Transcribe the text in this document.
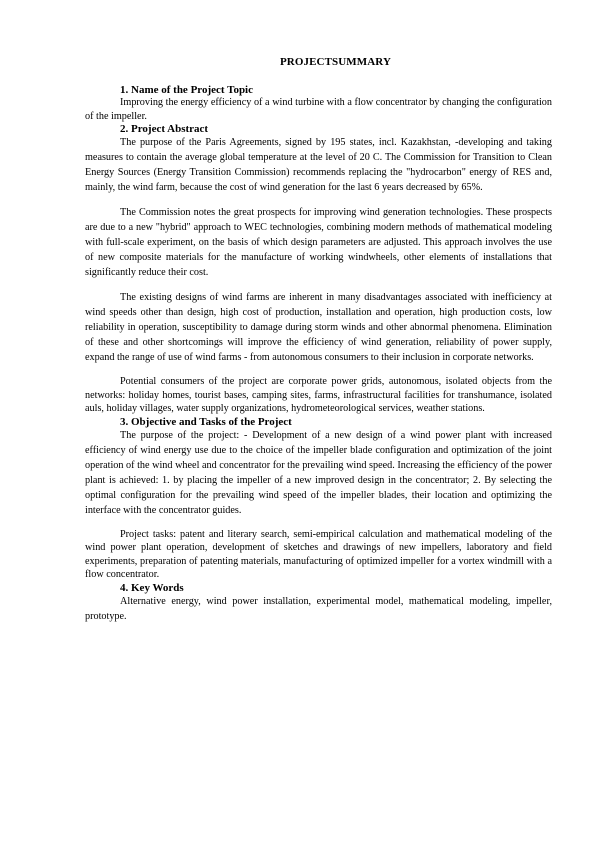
PROJECTSUMMARY
1. Name of the Project Topic

Improving the energy efficiency of a wind turbine with a flow concentrator by changing the configuration of the impeller.

2. Project Abstract

The purpose of the Paris Agreements, signed by 195 states, incl. Kazakhstan, -developing and taking measures to contain the average global temperature at the level of 20 C. The Commission for Transition to Clean Energy Sources (Energy Transition Commission) recommends replacing the "hydrocarbon" energy of RES and, mainly, the wind farm, because the cost of wind generation for the last 6 years decreased by 65%.

The Commission notes the great prospects for improving wind generation technologies. These prospects are due to a new "hybrid" approach to WEC technologies, combining modern methods of mathematical modeling with full-scale experiment, on the basis of which design parameters are adjusted. This approach involves the use of new composite materials for the manufacture of working windwheels, other elements of installations that significantly reduce their cost.

The existing designs of wind farms are inherent in many disadvantages associated with inefficiency at wind speeds other than design, high cost of production, installation and operation, high production costs, low reliability in operation, susceptibility to damage during storm winds and other abnormal phenomena. Elimination of these and other shortcomings will improve the efficiency of wind generation, reliability of power supply, expand the range of use of wind farms - from autonomous consumers to their inclusion in corporate networks.

Potential consumers of the project are corporate power grids, autonomous, isolated objects from the networks: holiday homes, tourist bases, camping sites, farms, infrastructural facilities for transhumance, isolated auls, holiday villages, water supply organizations, hydrometeorological services, weather stations.

3. Objective and Tasks of the Project

The purpose of the project: - Development of a new design of a wind power plant with increased efficiency of wind energy use due to the choice of the impeller blade configuration and optimization of the joint operation of the wind wheel and concentrator for the prevailing wind speed. Increasing the efficiency of the power plant is achieved: 1. by placing the impeller of a new improved design in the concentrator; 2. By selecting the optimal configuration for the prevailing wind speed of the impeller blades, their location and optimizing the interface with the concentrator guides.

Project tasks: patent and literary search, semi-empirical calculation and mathematical modeling of the wind power plant operation, development of sketches and drawings of new impellers, laboratory and field experiments, preparation of patenting materials, manufacturing of optimized impeller for a vortex windmill with a flow concentrator.

4. Key Words

Alternative energy, wind power installation, experimental model, mathematical modeling, impeller, prototype.
